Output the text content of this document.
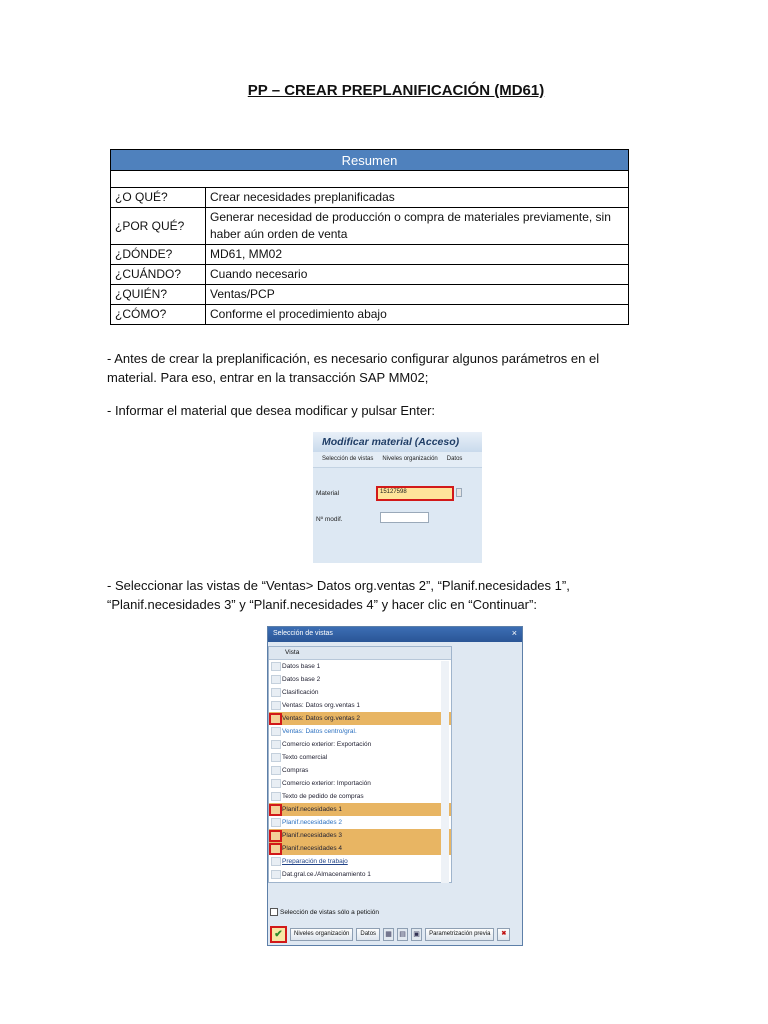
PP – CREAR PREPLANIFICACIÓN (MD61)
Resumen	

¿O QUÉ?	Crear necesidades preplanificadas
¿POR QUÉ?	Generar necesidad de producción o compra de materiales previamente, sin haber aún orden de venta
¿DÓNDE?	MD61, MM02
¿CUÁNDO?	Cuando necesario
¿QUIÉN?	Ventas/PCP
¿CÓMO?	Conforme el procedimiento abajo
- Antes de crear la preplanificación, es necesario configurar algunos parámetros en el material. Para eso, entrar en la transacción SAP MM02;
- Informar el material que desea modificar y pulsar Enter:
Modificar material (Acceso)
Selección de vistas Niveles organización Datos
Material	15127598
Nº modif.
- Seleccionar las vistas de “Ventas> Datos org.ventas 2”, “Planif.necesidades 1”, “Planif.necesidades 3” y “Planif.necesidades 4” y hacer clic en “Continuar”:
Selección de vistas	×
Vista
Datos base 1
Datos base 2
Clasificación
Ventas: Datos org.ventas 1
Ventas: Datos org.ventas 2
Ventas: Datos centro/gral.
Comercio exterior: Exportación
Texto comercial
Compras
Comercio exterior: Importación
Texto de pedido de compras
Planif.necesidades 1
Planif.necesidades 2
Planif.necesidades 3
Planif.necesidades 4
Preparación de trabajo
Dat.gral.ce./Almacenamiento 1
Selección de vistas sólo a petición
✔	Niveles organización	Datos	▦	▤	▣	Parametrización previa	✖
